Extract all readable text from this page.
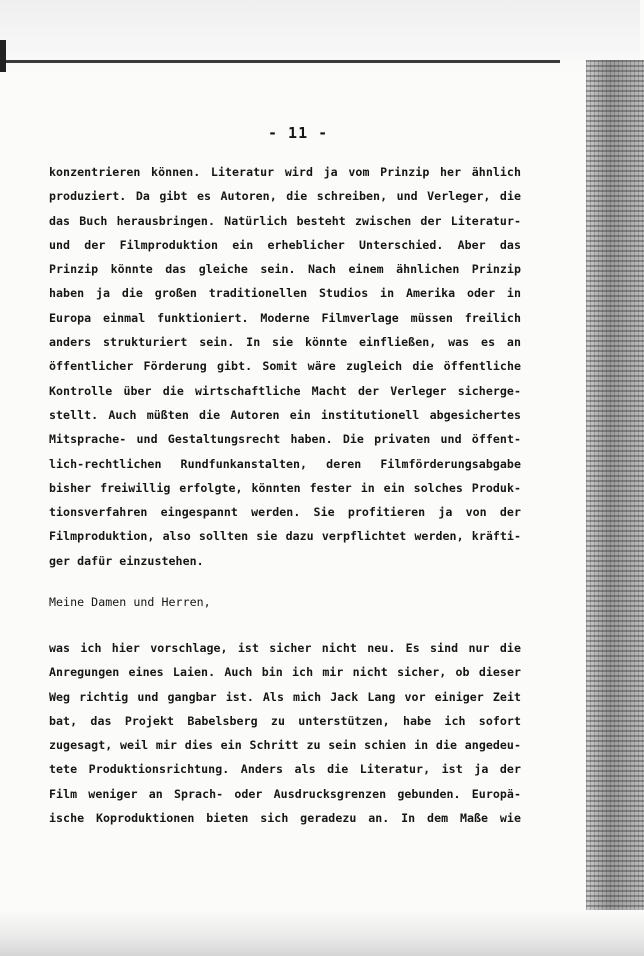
- 11 -
konzentrieren können. Literatur wird ja vom Prinzip her ähnlich
produziert. Da gibt es Autoren, die schreiben, und Verleger, die
das Buch herausbringen. Natürlich besteht zwischen der Literatur-
und der Filmproduktion ein erheblicher Unterschied. Aber das
Prinzip könnte das gleiche sein. Nach einem ähnlichen Prinzip
haben ja die großen traditionellen Studios in Amerika oder in
Europa einmal funktioniert. Moderne Filmverlage müssen freilich
anders strukturiert sein. In sie könnte einfließen, was es an
öffentlicher Förderung gibt. Somit wäre zugleich die öffentliche
Kontrolle über die wirtschaftliche Macht der Verleger sicherge-
stellt. Auch müßten die Autoren ein institutionell abgesichertes
Mitsprache- und Gestaltungsrecht haben. Die privaten und öffent-
lich-rechtlichen Rundfunkanstalten, deren Filmförderungsabgabe
bisher freiwillig erfolgte, könnten fester in ein solches Produk-
tionsverfahren eingespannt werden. Sie profitieren ja von der
Filmproduktion, also sollten sie dazu verpflichtet werden, kräfti-
ger dafür einzustehen.
Meine Damen und Herren,
was ich hier vorschlage, ist sicher nicht neu. Es sind nur die
Anregungen eines Laien. Auch bin ich mir nicht sicher, ob dieser
Weg richtig und gangbar ist. Als mich Jack Lang vor einiger Zeit
bat, das Projekt Babelsberg zu unterstützen, habe ich sofort
zugesagt, weil mir dies ein Schritt zu sein schien in die angedeu-
tete Produktionsrichtung. Anders als die Literatur, ist ja der
Film weniger an Sprach- oder Ausdrucksgrenzen gebunden. Europä-
ische Koproduktionen bieten sich geradezu an. In dem Maße wie
